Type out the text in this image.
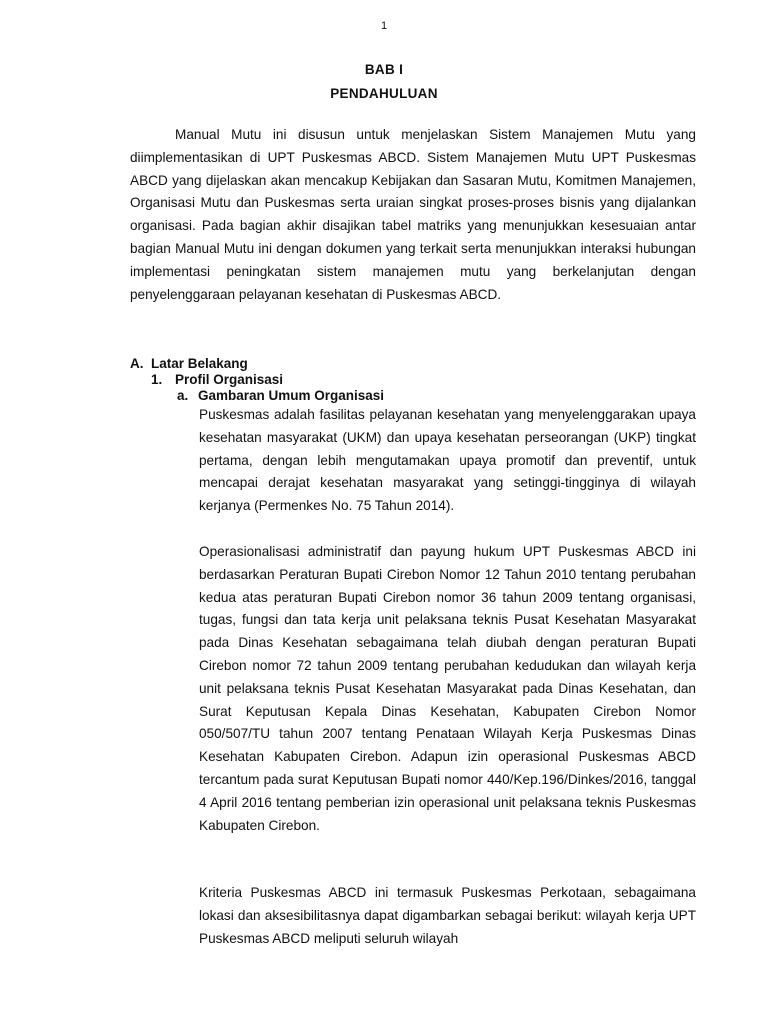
1
BAB I
PENDAHULUAN

Manual Mutu ini disusun untuk menjelaskan Sistem Manajemen Mutu yang diimplementasikan di UPT Puskesmas ABCD. Sistem Manajemen Mutu UPT Puskesmas ABCD yang dijelaskan akan mencakup Kebijakan dan Sasaran Mutu, Komitmen Manajemen, Organisasi Mutu dan Puskesmas serta uraian singkat proses-proses bisnis yang dijalankan organisasi. Pada bagian akhir disajikan tabel matriks yang menunjukkan kesesuaian antar bagian Manual Mutu ini dengan dokumen yang terkait serta menunjukkan interaksi hubungan implementasi peningkatan sistem manajemen mutu yang berkelanjutan dengan penyelenggaraan pelayanan kesehatan di Puskesmas ABCD.

A. Latar Belakang
1. Profil Organisasi
a. Gambaran Umum Organisasi

Puskesmas adalah fasilitas pelayanan kesehatan yang menyelenggarakan upaya kesehatan masyarakat (UKM) dan upaya kesehatan perseorangan (UKP) tingkat pertama, dengan lebih mengutamakan upaya promotif dan preventif, untuk mencapai derajat kesehatan masyarakat yang setinggi-tingginya di wilayah kerjanya (Permenkes No. 75 Tahun 2014).

Operasionalisasi administratif dan payung hukum UPT Puskesmas ABCD ini berdasarkan Peraturan Bupati Cirebon Nomor 12 Tahun 2010 tentang perubahan kedua atas peraturan Bupati Cirebon nomor 36 tahun 2009 tentang organisasi, tugas, fungsi dan tata kerja unit pelaksana teknis Pusat Kesehatan Masyarakat pada Dinas Kesehatan sebagaimana telah diubah dengan peraturan Bupati Cirebon nomor 72 tahun 2009 tentang perubahan kedudukan dan wilayah kerja unit pelaksana teknis Pusat Kesehatan Masyarakat pada Dinas Kesehatan, dan Surat Keputusan Kepala Dinas Kesehatan, Kabupaten Cirebon Nomor 050/507/TU tahun 2007 tentang Penataan Wilayah Kerja Puskesmas Dinas Kesehatan Kabupaten Cirebon. Adapun izin operasional Puskesmas ABCD tercantum pada surat Keputusan Bupati nomor 440/Kep.196/Dinkes/2016, tanggal 4 April 2016 tentang pemberian izin operasional unit pelaksana teknis Puskesmas Kabupaten Cirebon.

Kriteria Puskesmas ABCD ini termasuk Puskesmas Perkotaan, sebagaimana lokasi dan aksesibilitasnya dapat digambarkan sebagai berikut: wilayah kerja UPT Puskesmas ABCD meliputi seluruh wilayah
